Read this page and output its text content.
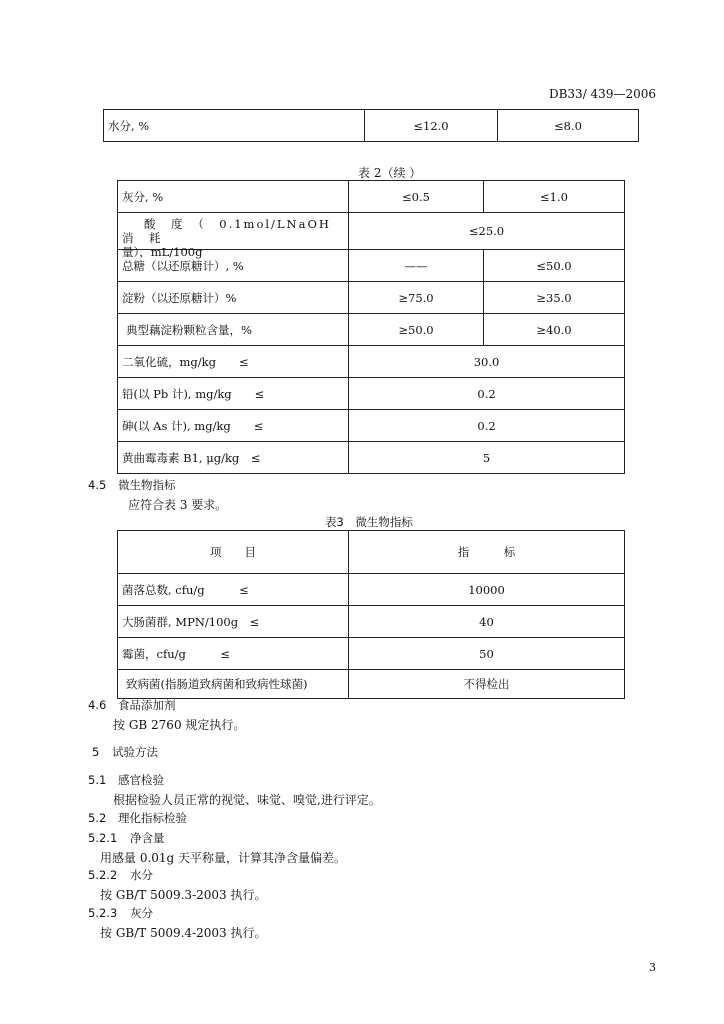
DB33/ 439—2006
水分, %	≤12.0	≤8.0
表 2（续 ）
灰分, %	≤0.5	≤1.0

酸　度　（　0.1mol/LNaOH　消　耗
量），mL/100g	≤25.0	
总糖（以还原糖计）, %	——	≤50.0
淀粉（以还原糖计）%	≥75.0	≥35.0
典型藕淀粉颗粒含量，%	≥50.0	≥40.0
二氧化硫，mg/kg　　≤	30.0	
铅(以 Pb 计), mg/kg　　≤	0.2	
砷(以 As 计), mg/kg　　≤	0.2	
黄曲霉毒素 B1, μg/kg　≤	5	
4.5 微生物指标
应符合表 3 要求。
表3　微生物指标
项　　目	指　　　标
菌落总数, cfu/g　　　≤	10000
大肠菌群, MPN/100g　≤	40
霉菌，cfu/g　　　≤	50
致病菌(指肠道致病菌和致病性球菌)	不得检出
4.6 食品添加剂
按 GB 2760 规定执行。
5 试验方法
5.1 感官检验
根据检验人员正常的视觉、味觉、嗅觉,进行评定。
5.2 理化指标检验
5.2.1 净含量
用感量 0.01g 天平称量，计算其净含量偏差。
5.2.2 水分
按 GB/T 5009.3-2003 执行。
5.2.3 灰分
按 GB/T 5009.4-2003 执行。
3
